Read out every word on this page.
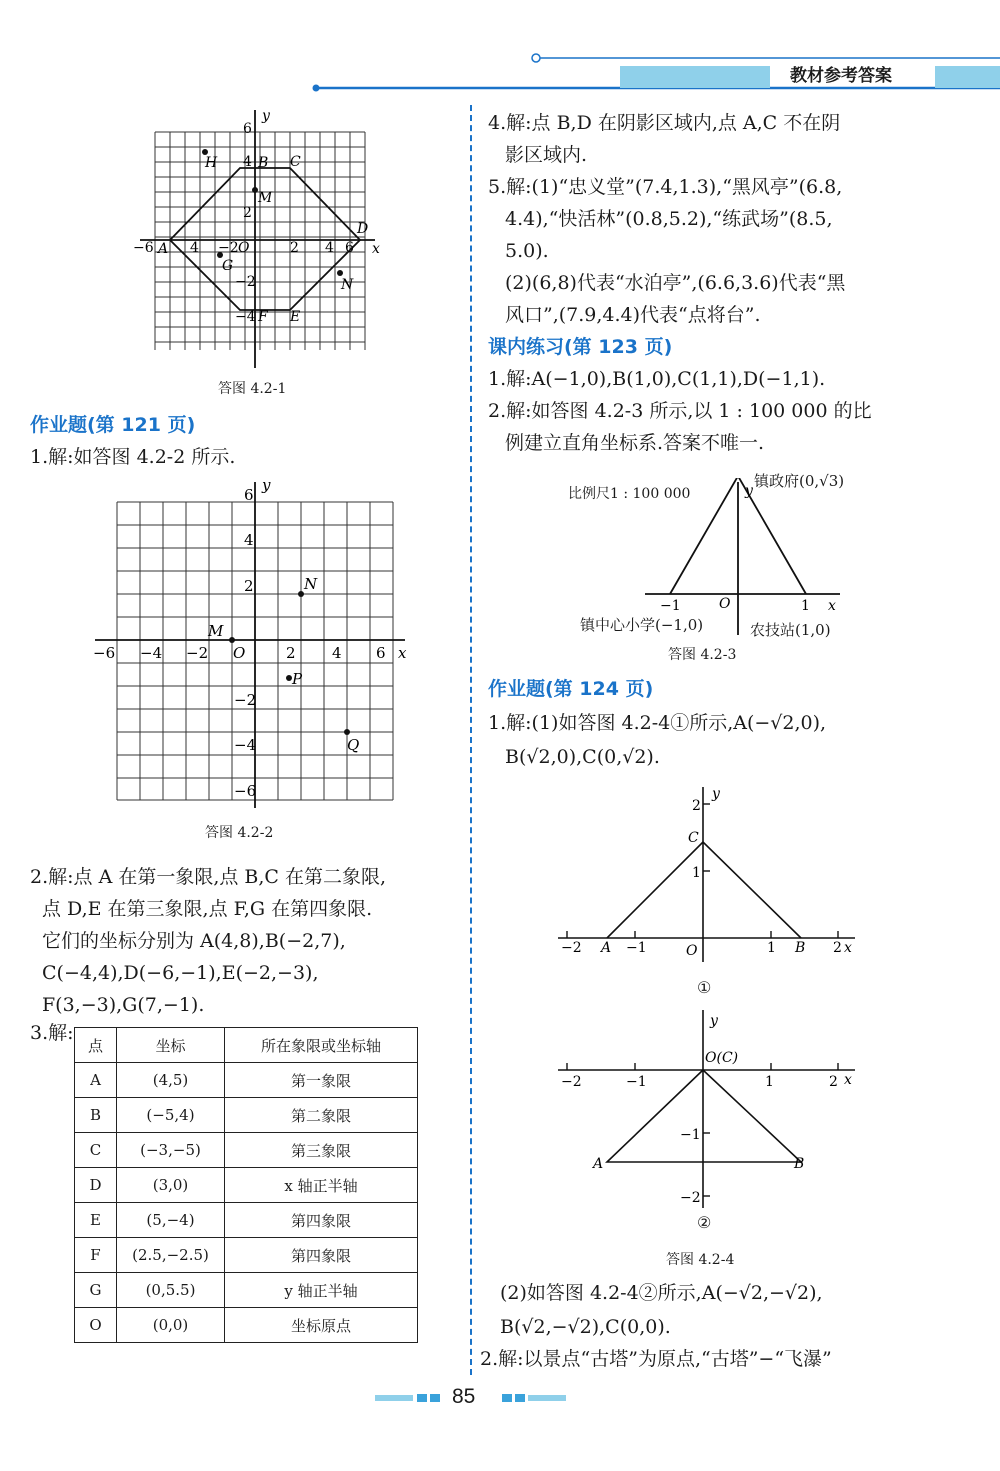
教材参考答案
y
x
H	B C
M
A
D
G
N
F E
O
6
4
2
−6	4 −2	2 4 6
−2
−4
答图 4.2-1
作业题(第 121 页)
1.解:如答图 4.2-2 所示.
y
x
N
M
P
Q
O
6
4
2
−6 −4 −2	2 4 6
−2
−4
−6
答图 4.2-2
2.解:点 A 在第一象限,点 B,C 在第二象限,
点 D,E 在第三象限,点 F,G 在第四象限.
它们的坐标分别为 A(4,8),B(−2,7),
C(−4,4),D(−6,−1),E(−2,−3),
F(3,−3),G(7,−1).
3.解:
点	坐标	所在象限或坐标轴
A	(4,5)	第一象限
B	(−5,4)	第二象限
C	(−3,−5)	第三象限
D	(3,0)	x 轴正半轴
E	(5,−4)	第四象限
F	(2.5,−2.5)	第四象限
G	(0,5.5)	y 轴正半轴
O	(0,0)	坐标原点
4.解:点 B,D 在阴影区域内,点 A,C 不在阴
影区域内.
5.解:(1)“忠义堂”(7.4,1.3),“黑风亭”(6.8,
4.4),“快活林”(0.8,5.2),“练武场”(8.5,
5.0).
(2)(6,8)代表“水泊亭”,(6.6,3.6)代表“黑
风口”,(7.9,4.4)代表“点将台”.
课内练习(第 123 页)
1.解:A(−1,0),B(1,0),C(1,1),D(−1,1).
2.解:如答图 4.2-3 所示,以 1 : 100 000 的比
例建立直角坐标系.答案不唯一.
y
x
O
−1	1
比例尺1 : 100 000
镇政府(0,√3)
镇中心小学(−1,0)	农技站(1,0)
答图 4.2-3
作业题(第 124 页)
1.解:(1)如答图 4.2-4①所示,A(−√2,0),
B(√2,0),C(0,√2).
y
x
C
A	B
O
2
1
−2	−1	1	2
①
y
x
O(C)
A	B
−2	−1	1	2
−1
−2
②
答图 4.2-4
(2)如答图 4.2-4②所示,A(−√2,−√2),
B(√2,−√2),C(0,0).
2.解:以景点“古塔”为原点,“古塔”−“飞瀑”
85
